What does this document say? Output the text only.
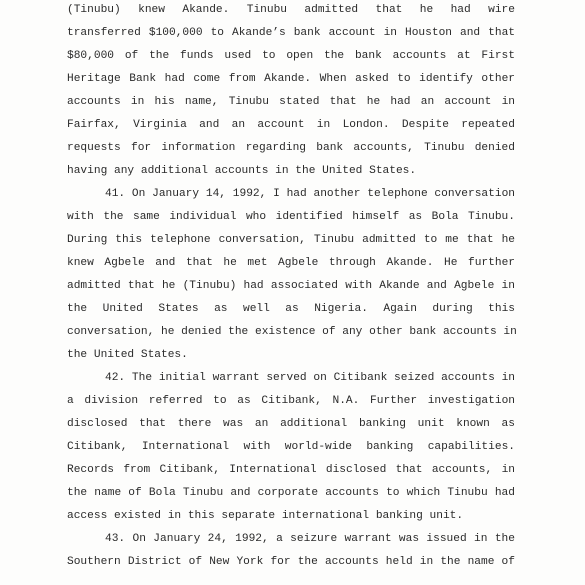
(Tinubu) knew Akande. Tinubu admitted that he had wire
transferred $100,000 to Akande’s bank account in Houston and that
$80,000 of the funds used to open the bank accounts at First
Heritage Bank had come from Akande. When asked to identify other
accounts in his name, Tinubu stated that he had an account in
Fairfax, Virginia and an account in London. Despite repeated
requests for information regarding bank accounts, Tinubu denied
having any additional accounts in the United States.
41. On January 14, 1992, I had another telephone conversation
with the same individual who identified himself as Bola Tinubu.
During this telephone conversation, Tinubu admitted to me that he
knew Agbele and that he met Agbele through Akande. He further
admitted that he (Tinubu) had associated with Akande and Agbele in
the United States as well as Nigeria. Again during this
conversation, he denied the existence of any other bank accounts in
the United States.
42. The initial warrant served on Citibank seized accounts in
a division referred to as Citibank, N.A. Further investigation
disclosed that there was an additional banking unit known as
Citibank, International with world-wide banking capabilities.
Records from Citibank, International disclosed that accounts, in
the name of Bola Tinubu and corporate accounts to which Tinubu had
access existed in this separate international banking unit.
43. On January 24, 1992, a seizure warrant was issued in the
Southern District of New York for the accounts held in the name of
